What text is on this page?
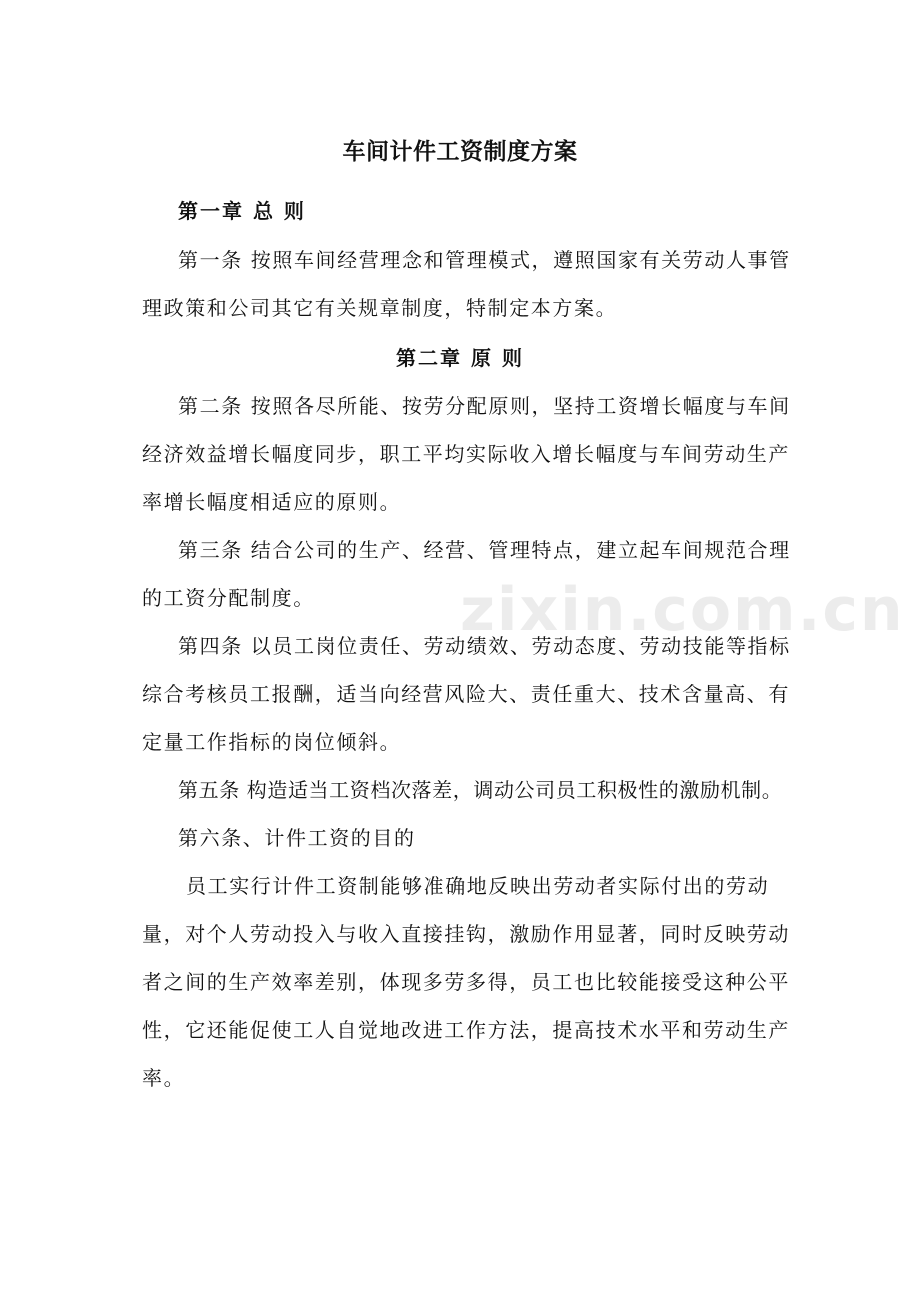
zixin.com.cn
车间计件工资制度方案
第一章 总 则
第一条 按照车间经营理念和管理模式，遵照国家有关劳动人事管
理政策和公司其它有关规章制度，特制定本方案。
第二章 原 则
第二条 按照各尽所能、按劳分配原则，坚持工资增长幅度与车间
经济效益增长幅度同步，职工平均实际收入增长幅度与车间劳动生产
率增长幅度相适应的原则。
第三条 结合公司的生产、经营、管理特点，建立起车间规范合理
的工资分配制度。
第四条 以员工岗位责任、劳动绩效、劳动态度、劳动技能等指标
综合考核员工报酬，适当向经营风险大、责任重大、技术含量高、有
定量工作指标的岗位倾斜。
第五条 构造适当工资档次落差，调动公司员工积极性的激励机制。
第六条、计件工资的目的
员工实行计件工资制能够准确地反映出劳动者实际付出的劳动
量，对个人劳动投入与收入直接挂钩，激励作用显著，同时反映劳动
者之间的生产效率差别，体现多劳多得，员工也比较能接受这种公平
性，它还能促使工人自觉地改进工作方法，提高技术水平和劳动生产
率。
